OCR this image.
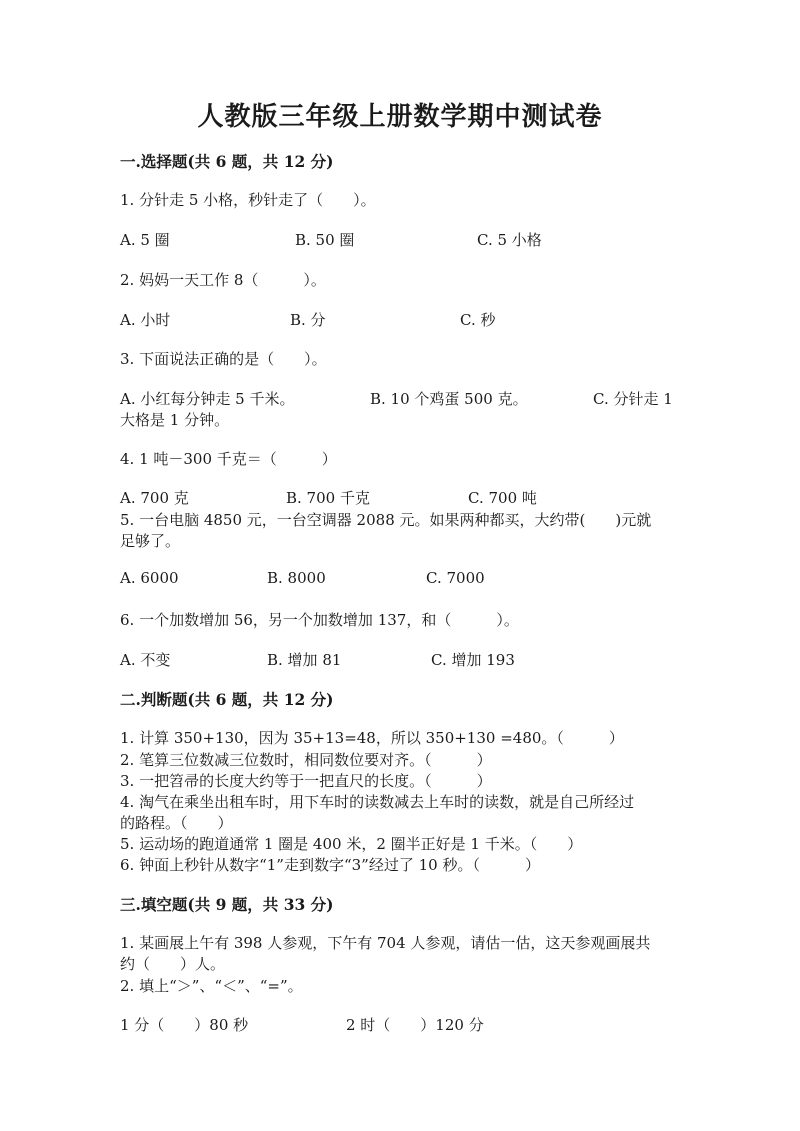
人教版三年级上册数学期中测试卷
一.选择题(共 6 题，共 12 分)
1. 分针走 5 小格，秒针走了（　　）。
A. 5 圈	B. 50 圈	C. 5 小格
2. 妈妈一天工作 8（　　　）。
A. 小时	B. 分	C. 秒
3. 下面说法正确的是（　　）。
A. 小红每分钟走 5 千米。	B. 10 个鸡蛋 500 克。	C. 分针走 1
大格是 1 分钟。
4. 1 吨－300 千克＝（　　　）
A. 700 克	B. 700 千克	C. 700 吨
5. 一台电脑 4850 元，一台空调器 2088 元。如果两种都买，大约带(　　)元就
足够了。
A. 6000	B. 8000	C. 7000
6. 一个加数增加 56，另一个加数增加 137，和（　　　）。
A. 不变	B. 增加 81	C. 增加 193
二.判断题(共 6 题，共 12 分)
1. 计算 350+130，因为 35+13=48，所以 350+130 =480。（　　　）
2. 笔算三位数减三位数时，相同数位要对齐。（　　　）
3. 一把笤帚的长度大约等于一把直尺的长度。（　　　）
4. 淘气在乘坐出租车时，用下车时的读数减去上车时的读数，就是自己所经过
的路程。（　　）
5. 运动场的跑道通常 1 圈是 400 米，2 圈半正好是 1 千米。（　　）
6. 钟面上秒针从数字“1”走到数字“3”经过了 10 秒。（　　　）
三.填空题(共 9 题，共 33 分)
1. 某画展上午有 398 人参观，下午有 704 人参观，请估一估，这天参观画展共
约（　　）人。
2. 填上“＞”、“＜”、“=”。
1 分（　　）80 秒	2 时（　　）120 分
